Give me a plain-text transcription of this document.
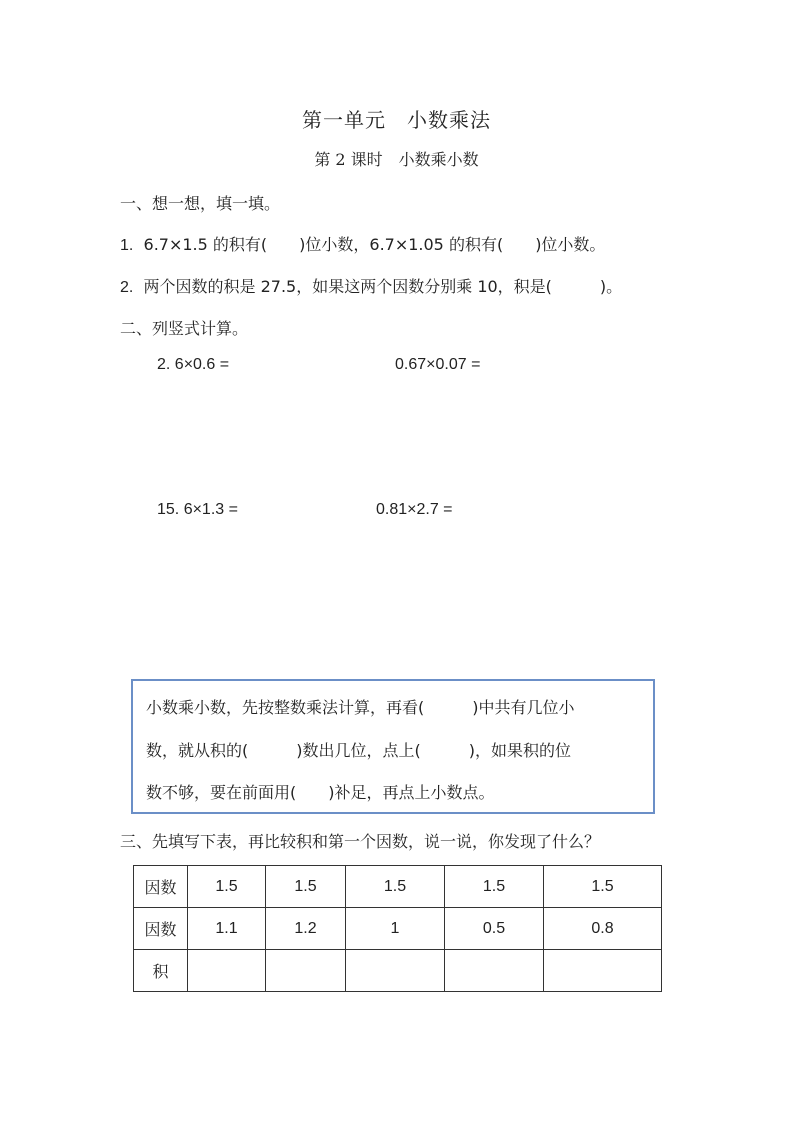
第一单元　小数乘法
第 2 课时　小数乘小数
一、想一想，填一填。
1. 6.7×1.5 的积有(　　)位小数，6.7×1.05 的积有(　　)位小数。
2. 两个因数的积是 27.5，如果这两个因数分别乘 10，积是(　　　)。
二、列竖式计算。
2. 6×0.6 =	0.67×0.07 =
15. 6×1.3 =	0.81×2.7 =
小数乘小数，先按整数乘法计算，再看(　　　)中共有几位小
数，就从积的(　　　)数出几位，点上(　　　)，如果积的位
数不够，要在前面用(　　)补足，再点上小数点。
三、先填写下表，再比较积和第一个因数，说一说，你发现了什么？
因数	1.5	1.5	1.5	1.5	1.5
因数	1.1	1.2	1	0.5	0.8
积					
